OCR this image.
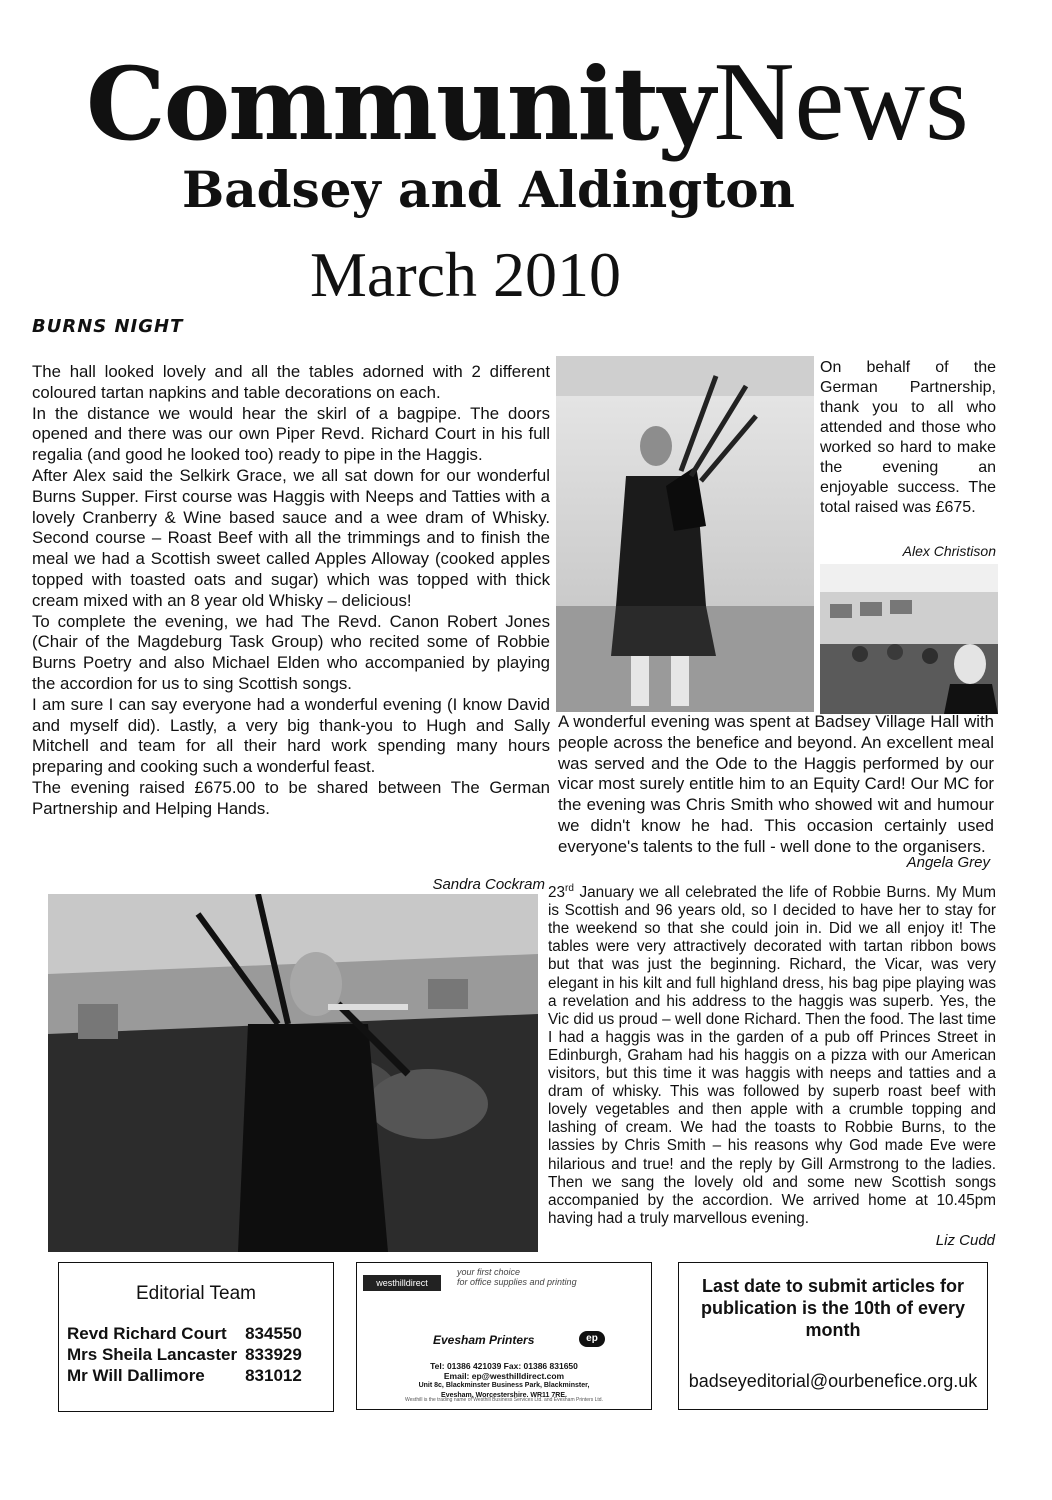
CommunityNews
Badsey and Aldington
March 2010
BURNS NIGHT

The hall looked lovely and all the tables adorned with 2 different coloured tartan napkins and table decorations on each.

In the distance we would hear the skirl of a bagpipe. The doors opened and there was our own Piper Revd. Richard Court in his full regalia (and good he looked too) ready to pipe in the Haggis.

After Alex said the Selkirk Grace, we all sat down for our wonderful Burns Supper. First course was Haggis with Neeps and Tatties with a lovely Cranberry & Wine based sauce and a wee dram of Whisky. Second course – Roast Beef with all the trimmings and to finish the meal we had a Scottish sweet called Apples Alloway (cooked apples topped with toasted oats and sugar) which was topped with thick cream mixed with an 8 year old Whisky – delicious!

To complete the evening, we had The Revd. Canon Robert Jones (Chair of the Magdeburg Task Group) who recited some of Robbie Burns Poetry and also Michael Elden who accompanied by playing the accordion for us to sing Scottish songs.

I am sure I can say everyone had a wonderful evening (I know David and myself did). Lastly, a very big thank-you to Hugh and Sally Mitchell and team for all their hard work spending many hours preparing and cooking such a wonderful feast.

The evening raised £675.00 to be shared between The German Partnership and Helping Hands.

Sandra Cockram

On behalf of the German Partnership, thank you to all who attended and those who worked so hard to make the evening an enjoyable success. The total raised was £675.

Alex Christison

A wonderful evening was spent at Badsey Village Hall with people across the benefice and beyond. An excellent meal was served and the Ode to the Haggis performed by our vicar most surely entitle him to an Equity Card! Our MC for the evening was Chris Smith who showed wit and humour we didn't know he had. This occasion certainly used everyone's talents to the full - well done to the organisers.

Angela Grey

23rd January we all celebrated the life of Robbie Burns. My Mum is Scottish and 96 years old, so I decided to have her to stay for the weekend so that she could join in. Did we all enjoy it! The tables were very attractively decorated with tartan ribbon bows but that was just the beginning. Richard, the Vicar, was very elegant in his kilt and full highland dress, his bag pipe playing was a revelation and his address to the haggis was superb. Yes, the Vic did us proud – well done Richard. Then the food. The last time I had a haggis was in the garden of a pub off Princes Street in Edinburgh, Graham had his haggis on a pizza with our American visitors, but this time it was haggis with neeps and tatties and a dram of whisky. This was followed by superb roast beef with lovely vegetables and then apple with a crumble topping and lashing of cream. We had the toasts to Robbie Burns, to the lassies by Chris Smith – his reasons why God made Eve were hilarious and true! and the reply by Gill Armstrong to the ladies. Then we sang the lovely old and some new Scottish songs accompanied by the accordion. We arrived home at 10.45pm having had a truly marvellous evening.

Liz Cudd
Editorial Team
Revd Richard Court	834550
Mrs Sheila Lancaster	833929
Mr Will Dallimore	831012
westhilldirect
your first choice
for office supplies and printing
Evesham Printers	ep
Tel: 01386 421039 Fax: 01386 831650
Email: ep@westhilldirect.com
Unit 8c, Blackminster Business Park, Blackminster,
Evesham, Worcestershire. WR11 7RE.
Westhill is the trading name of Westhill Business Services Ltd. and Evesham Printers Ltd.
Last date to submit articles for publication is the 10th of every month
badseyeditorial@ourbenefice.org.uk
